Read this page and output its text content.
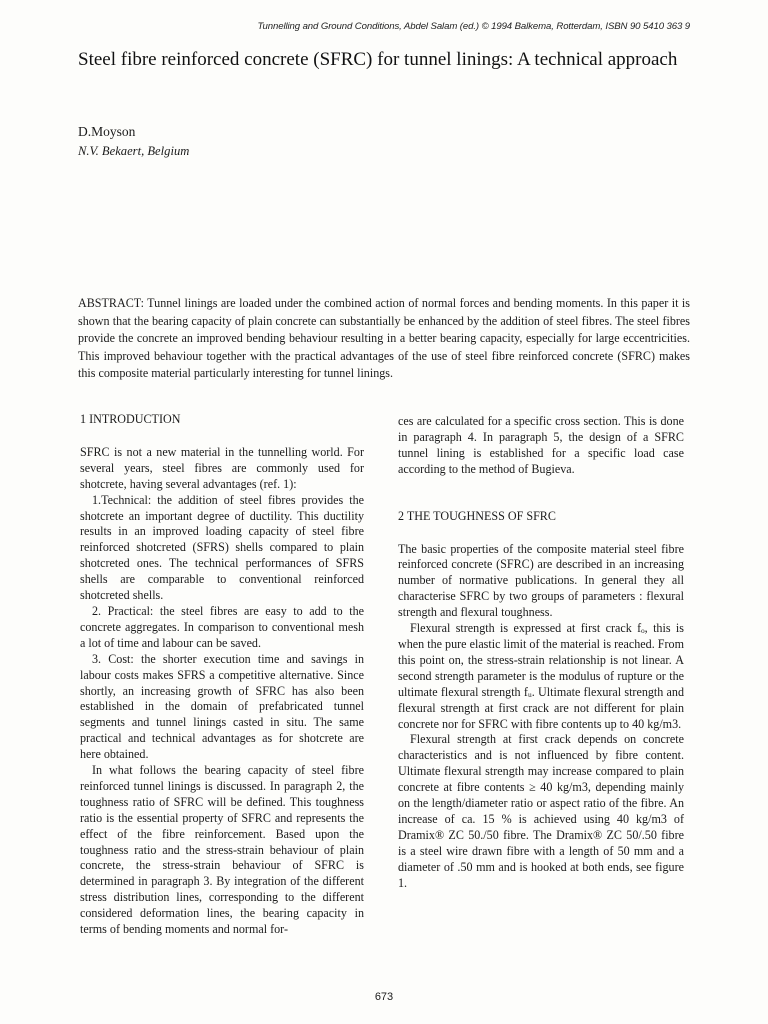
Tunnelling and Ground Conditions, Abdel Salam (ed.) © 1994 Balkema, Rotterdam, ISBN 90 5410 363 9
Steel fibre reinforced concrete (SFRC) for tunnel linings: A technical approach
D.Moyson
N.V. Bekaert, Belgium

ABSTRACT: Tunnel linings are loaded under the combined action of normal forces and bending moments. In this paper it is shown that the bearing capacity of plain concrete can substantially be enhanced by the addition of steel fibres. The steel fibres provide the concrete an improved bending behaviour resulting in a better bearing capacity, especially for large eccentricities. This improved behaviour together with the practical advantages of the use of steel fibre reinforced concrete (SFRC) makes this composite material particularly interesting for tunnel linings.

1 INTRODUCTION

SFRC is not a new material in the tunnelling world. For several years, steel fibres are commonly used for shotcrete, having several advantages (ref. 1):

1.Technical: the addition of steel fibres provides the shotcrete an important degree of ductility. This ductility results in an improved loading capacity of steel fibre reinforced shotcreted (SFRS) shells compared to plain shotcreted ones. The technical performances of SFRS shells are comparable to conventional reinforced shotcreted shells.

2. Practical: the steel fibres are easy to add to the concrete aggregates. In comparison to conventional mesh a lot of time and labour can be saved.

3. Cost: the shorter execution time and savings in labour costs makes SFRS a competitive alternative. Since shortly, an increasing growth of SFRC has also been established in the domain of prefabricated tunnel segments and tunnel linings casted in situ. The same practical and technical advantages as for shotcrete are here obtained.

In what follows the bearing capacity of steel fibre reinforced tunnel linings is discussed. In paragraph 2, the toughness ratio of SFRC will be defined. This toughness ratio is the essential property of SFRC and represents the effect of the fibre reinforcement. Based upon the toughness ratio and the stress-strain behaviour of plain concrete, the stress-strain behaviour of SFRC is determined in paragraph 3. By integration of the different stress distribution lines, corresponding to the different considered deformation lines, the bearing capacity in terms of bending moments and normal for-

ces are calculated for a specific cross section. This is done in paragraph 4. In paragraph 5, the design of a SFRC tunnel lining is established for a specific load case according to the method of Bugieva.

2 THE TOUGHNESS OF SFRC

The basic properties of the composite material steel fibre reinforced concrete (SFRC) are described in an increasing number of normative publications. In general they all characterise SFRC by two groups of parameters : flexural strength and flexural toughness.

Flexural strength is expressed at first crack fₒ, this is when the pure elastic limit of the material is reached. From this point on, the stress-strain relationship is not linear. A second strength parameter is the modulus of rupture or the ultimate flexural strength fᵤ. Ultimate flexural strength and flexural strength at first crack are not different for plain concrete nor for SFRC with fibre contents up to 40 kg/m3.

Flexural strength at first crack depends on concrete characteristics and is not influenced by fibre content. Ultimate flexural strength may increase compared to plain concrete at fibre contents ≥ 40 kg/m3, depending mainly on the length/diameter ratio or aspect ratio of the fibre. An increase of ca. 15 % is achieved using 40 kg/m3 of Dramix® ZC 50./50 fibre. The Dramix® ZC 50/.50 fibre is a steel wire drawn fibre with a length of 50 mm and a diameter of .50 mm and is hooked at both ends, see figure 1.

673
